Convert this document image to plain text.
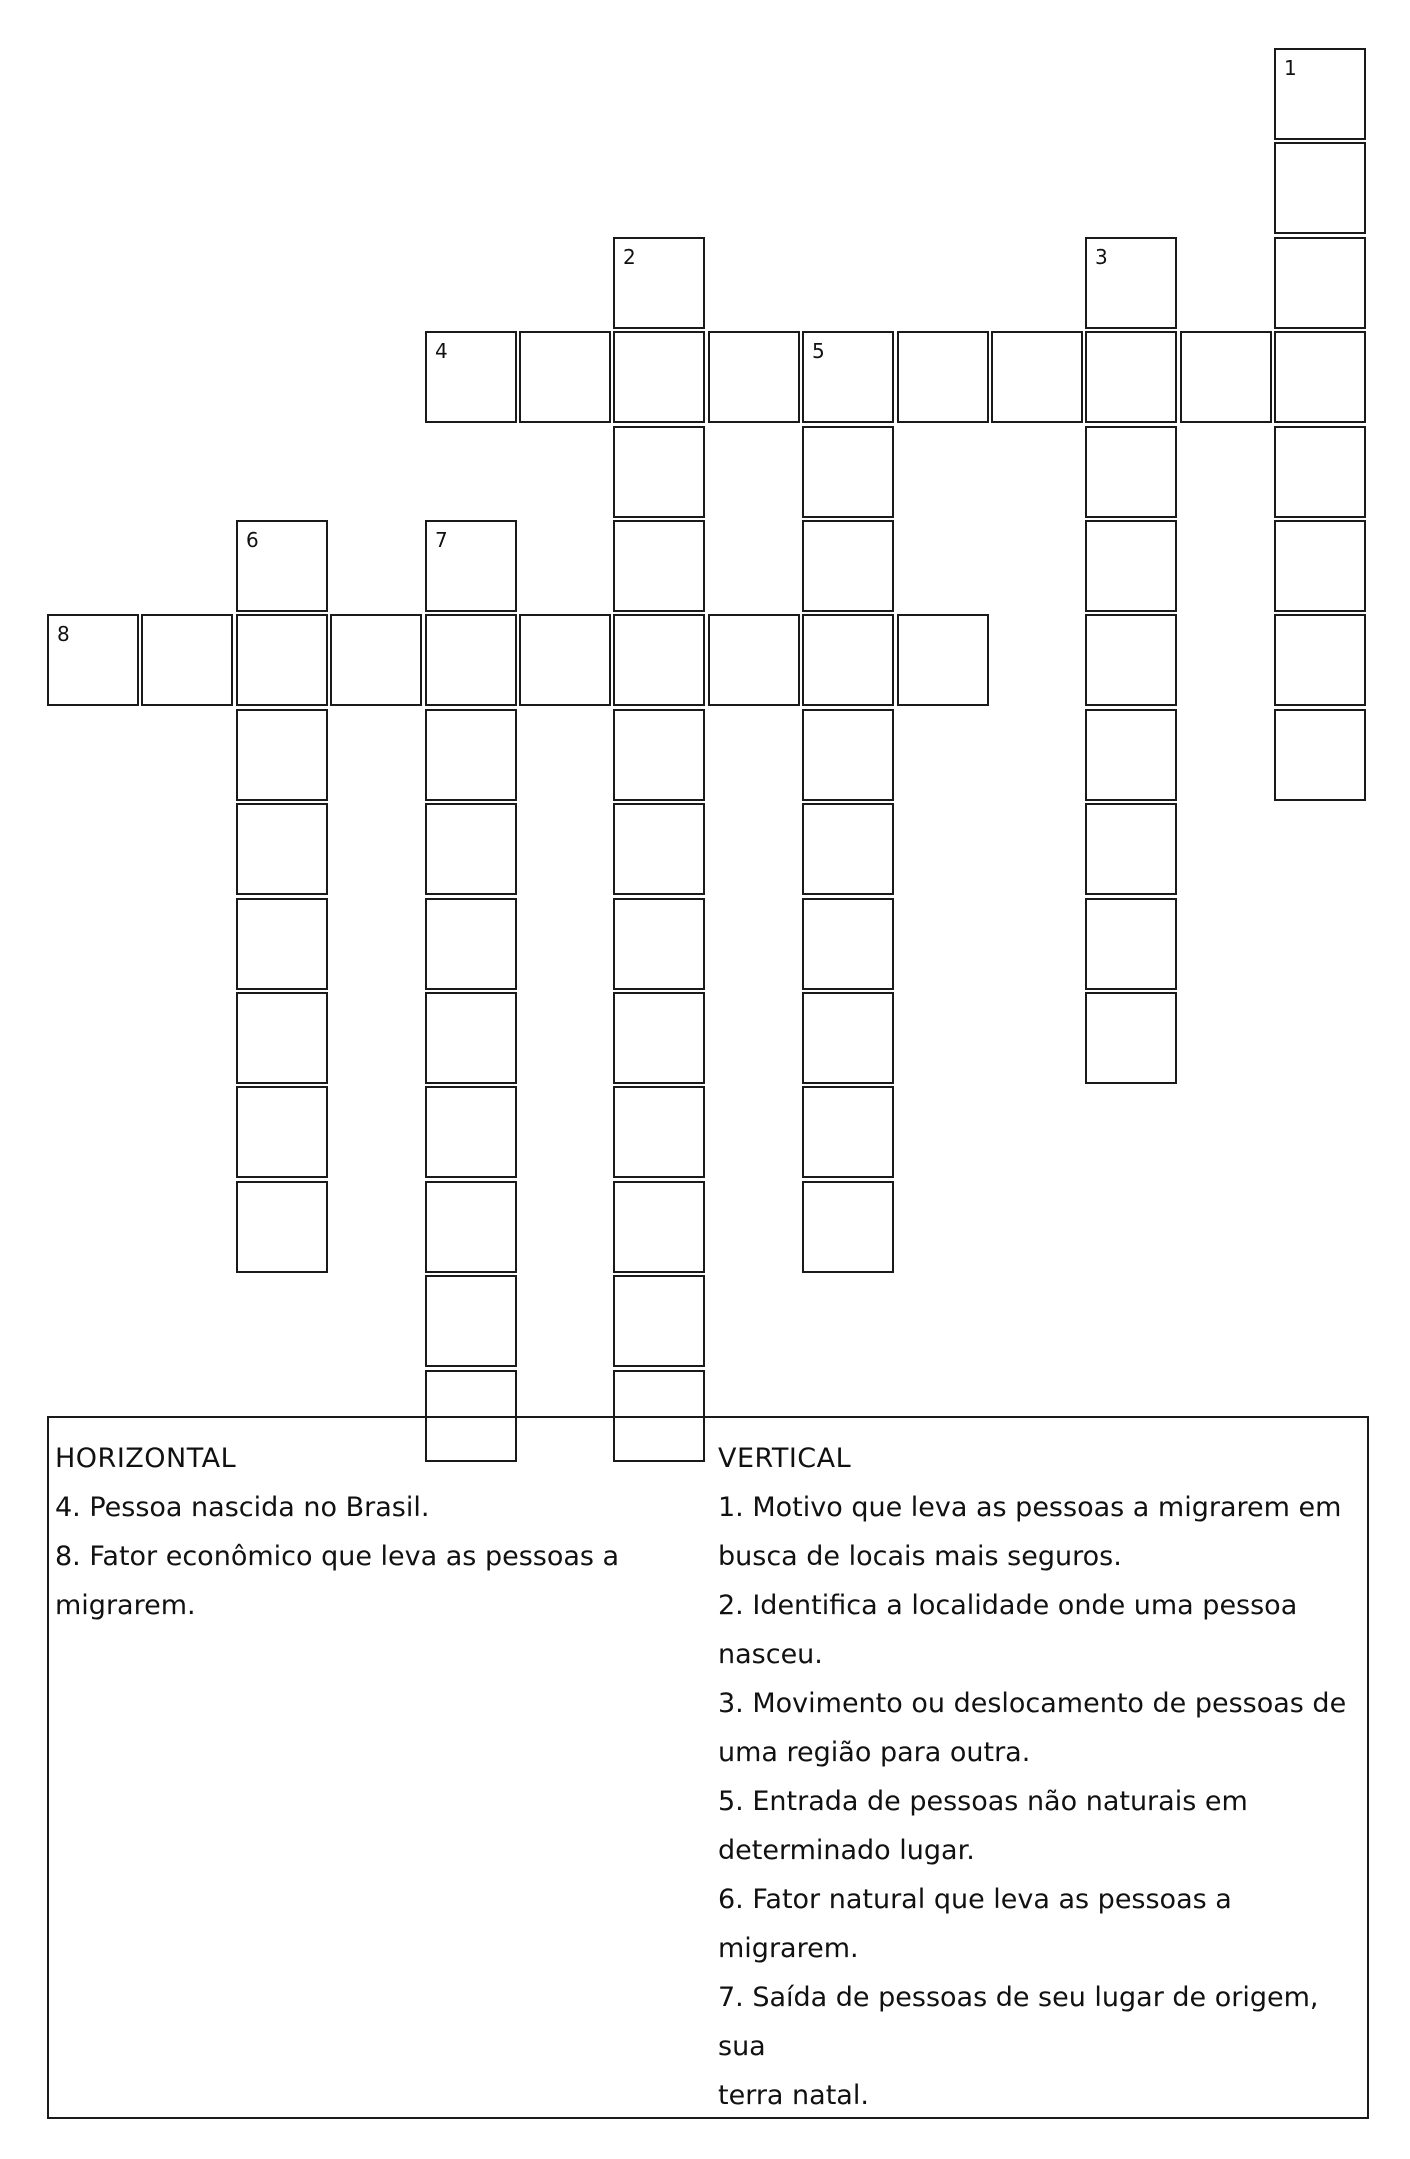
1
2	3
4	5
6	7
8
HORIZONTAL
4. Pessoa nascida no Brasil.
8. Fator econômico que leva as pessoas a
migrarem.
VERTICAL
1. Motivo que leva as pessoas a migrarem em
busca de locais mais seguros.
2. Identifica a localidade onde uma pessoa
nasceu.
3. Movimento ou deslocamento de pessoas de
uma região para outra.
5. Entrada de pessoas não naturais em
determinado lugar.
6. Fator natural que leva as pessoas a
migrarem.
7. Saída de pessoas de seu lugar de origem, sua
terra natal.
